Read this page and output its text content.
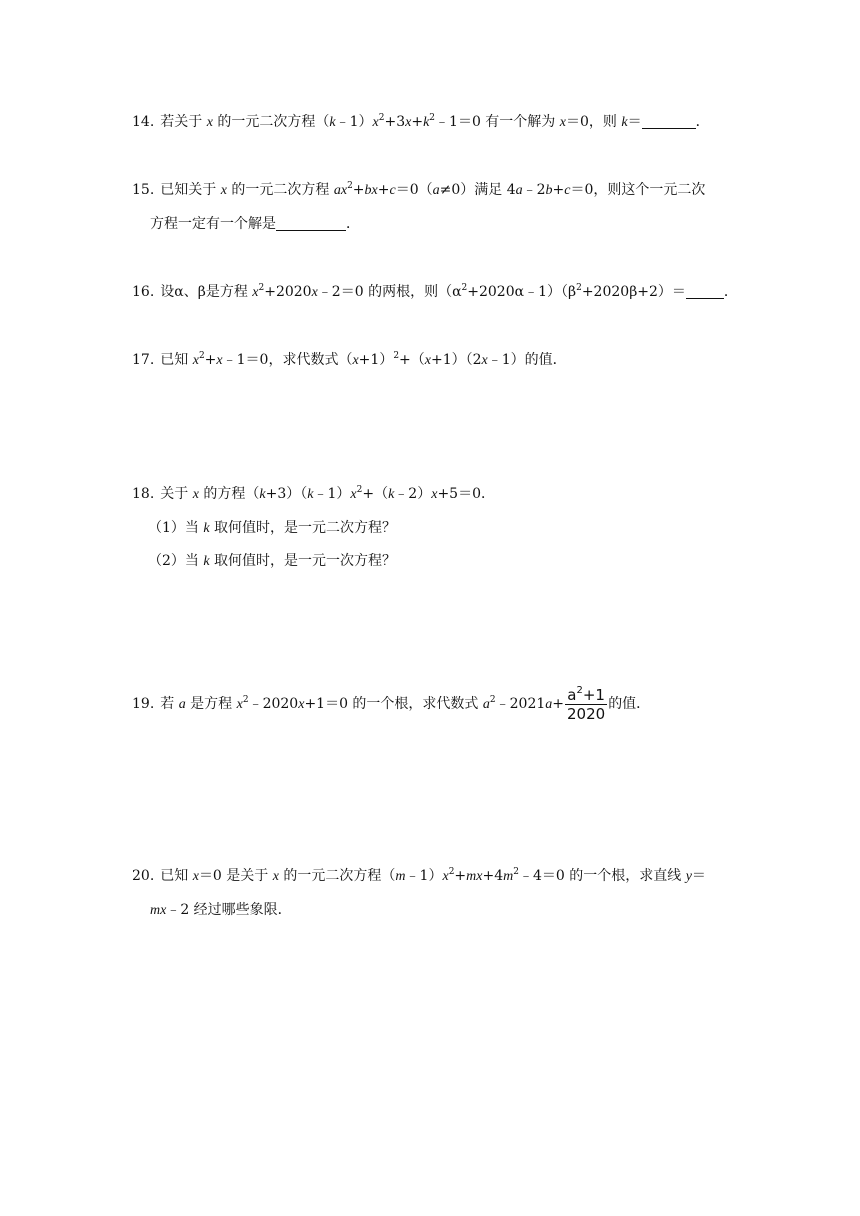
14. 若关于 x 的一元二次方程$(k﹣1)x^2+3x+k^2﹣1=0$ 有一个解为 x＝0，则 k＝	．
15. 已知关于 x 的一元二次方程 $ax^2+bx+c=0(a\ne 0)$满足 4a﹣2b+c＝0，则这个一元二次
方程一定有一个解是	．
16. 设α、β是方程 $x^2+2020x﹣2=0$ 的两根，则$(\alpha^2+2020\alpha﹣1)(\beta^2+2020\beta+2)=$	．
17. 已知 $x^2+x﹣1=0$，求代数式$(x+1)^2+(x+1)(2x﹣1)$的值．
18. 关于 x 的方程$(k+3)(k﹣1)x^2+(k﹣2)x+5=0$．
（1）当 k 取何值时，是一元二次方程？
（2）当 k 取何值时，是一元一次方程？
19. 若 a 是方程 $x^2﹣2020x+1=0$ 的一个根，求代数式 $a^2﹣2021a+ \frac{a^2+1}{2020}$ 的值．
20. 已知 x＝0 是关于 x 的一元二次方程$(m﹣1)x^2+mx+4m^2﹣4=0$ 的一个根，求直线 y＝
mx﹣2 经过哪些象限．
